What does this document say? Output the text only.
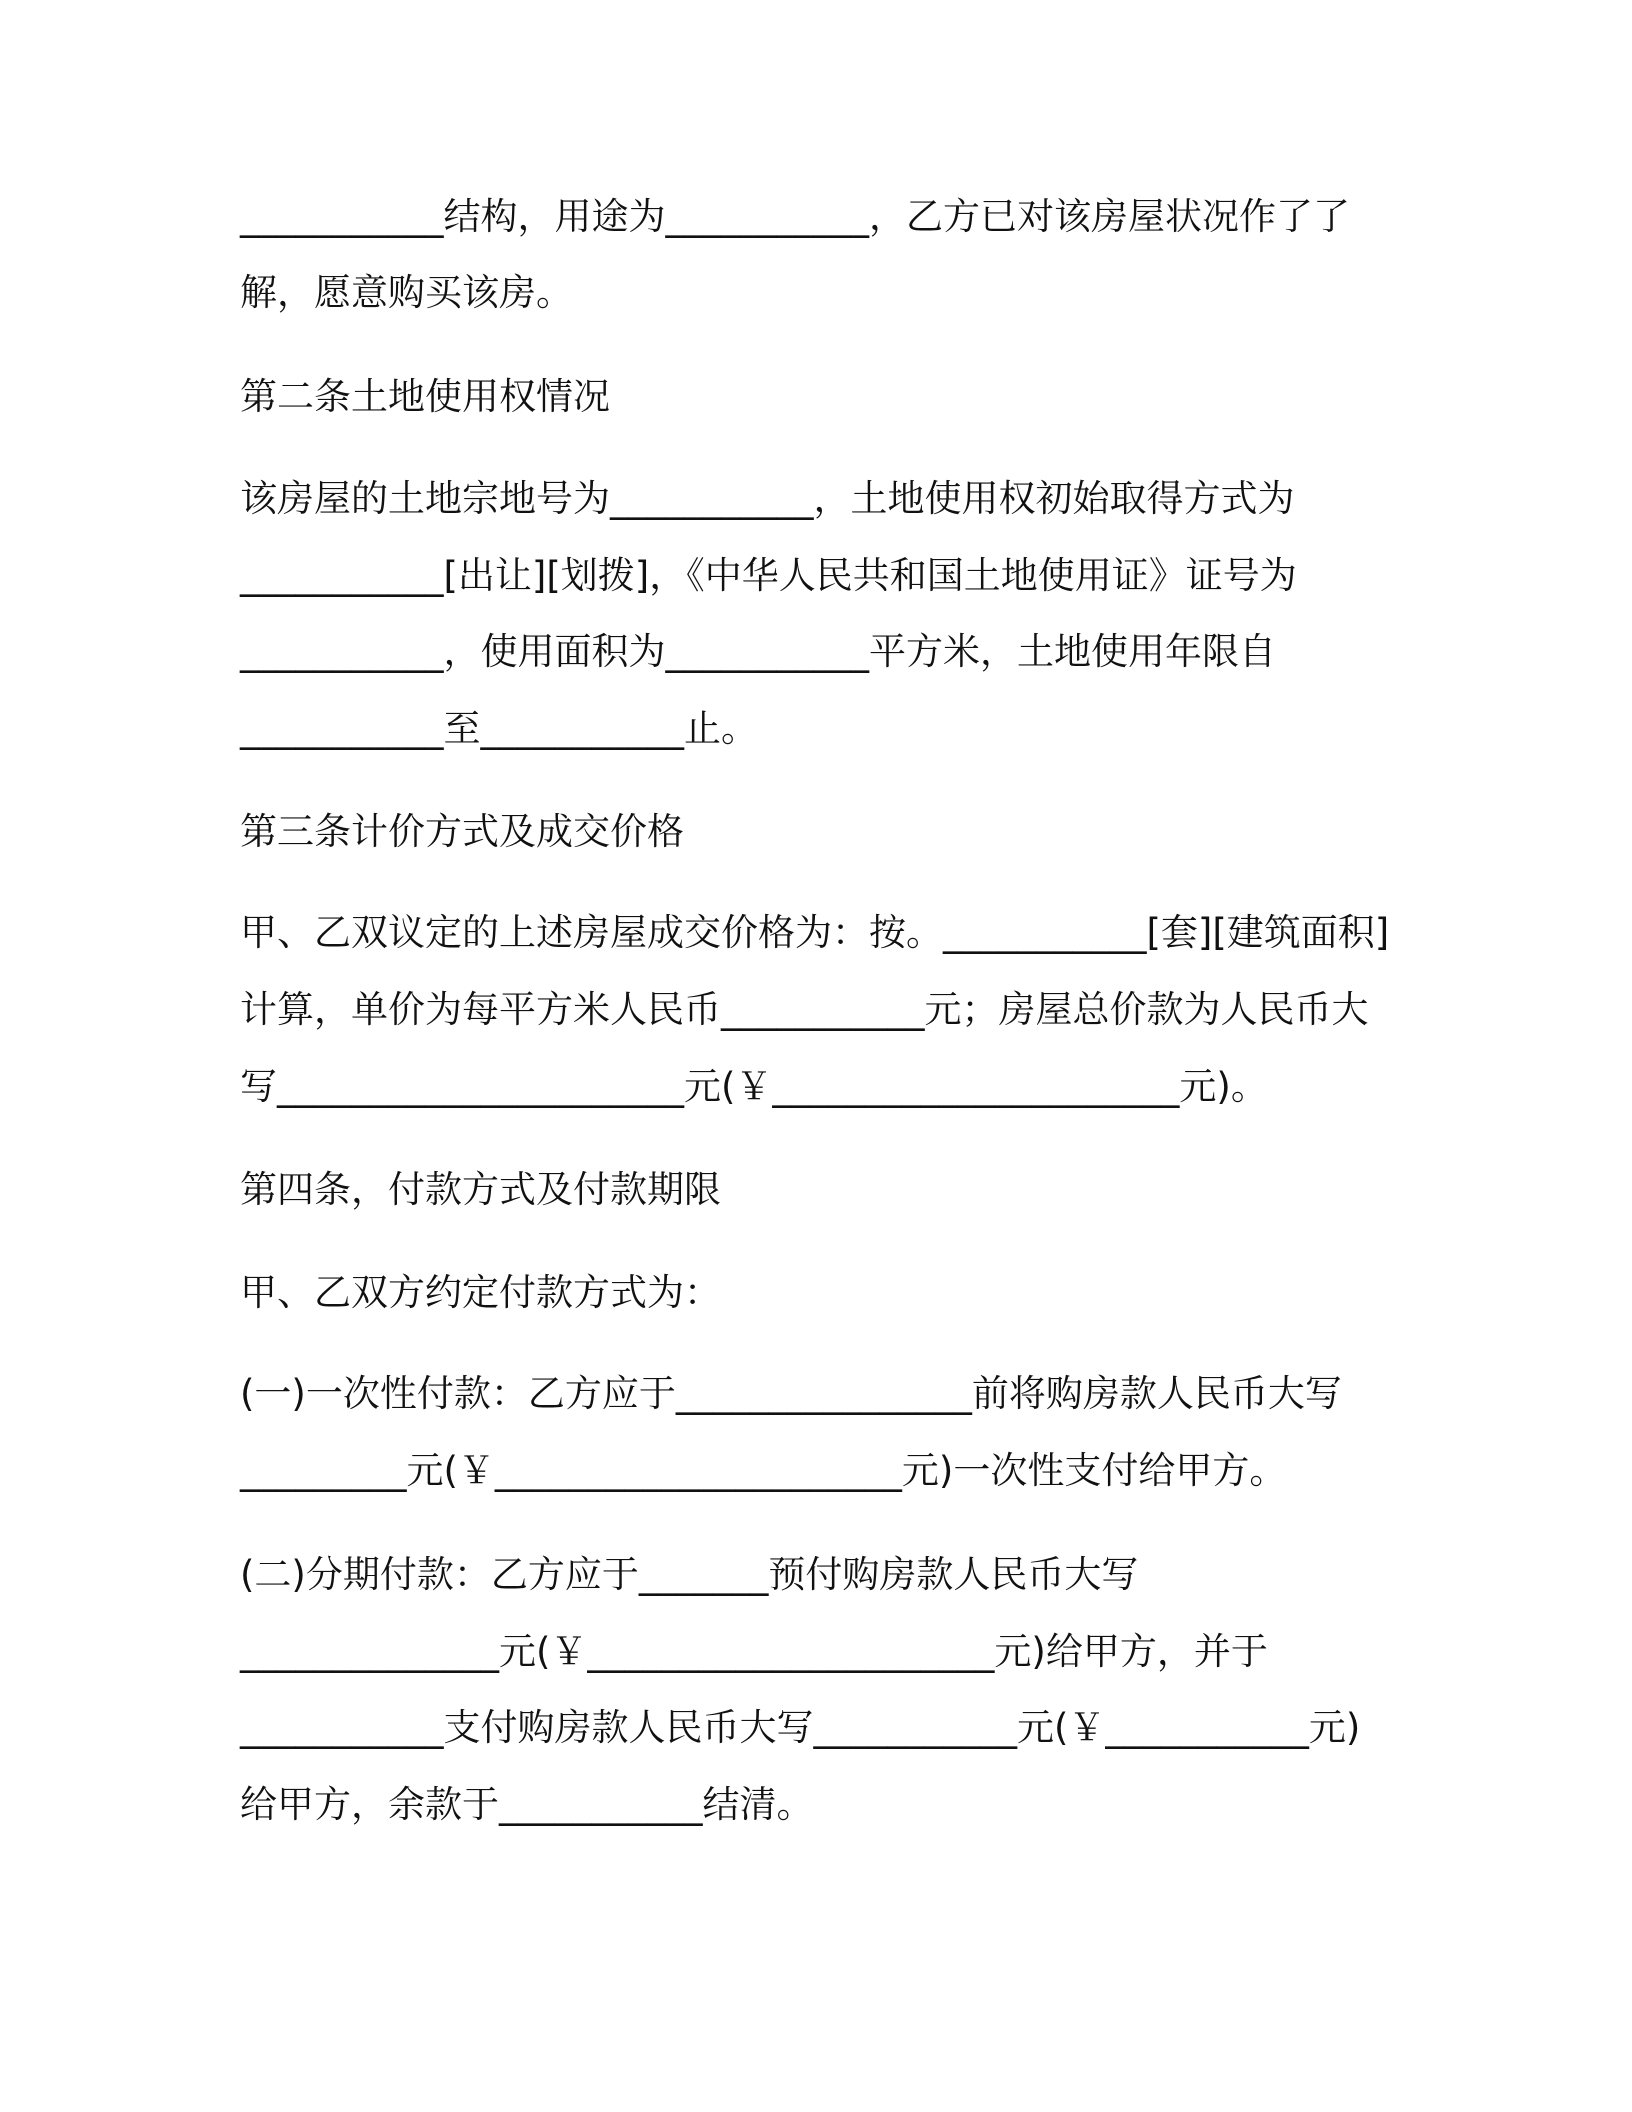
___________结构，用途为___________，乙方已对该房屋状况作了了
解，愿意购买该房。
第二条土地使用权情况
该房屋的土地宗地号为___________，土地使用权初始取得方式为
___________[出让][划拨]，《中华人民共和国土地使用证》证号为
___________，使用面积为___________平方米，土地使用年限自
___________至___________止。
第三条计价方式及成交价格
甲、乙双议定的上述房屋成交价格为：按。___________[套][建筑面积]
计算，单价为每平方米人民币___________元；房屋总价款为人民币大
写______________________元(￥______________________元)。
第四条，付款方式及付款期限
甲、乙双方约定付款方式为：
(一)一次性付款：乙方应于________________前将购房款人民币大写
_________元(￥______________________元)一次性支付给甲方。
(二)分期付款：乙方应于_______预付购房款人民币大写
______________元(￥______________________元)给甲方，并于
___________支付购房款人民币大写___________元(￥___________元)
给甲方，余款于___________结清。
